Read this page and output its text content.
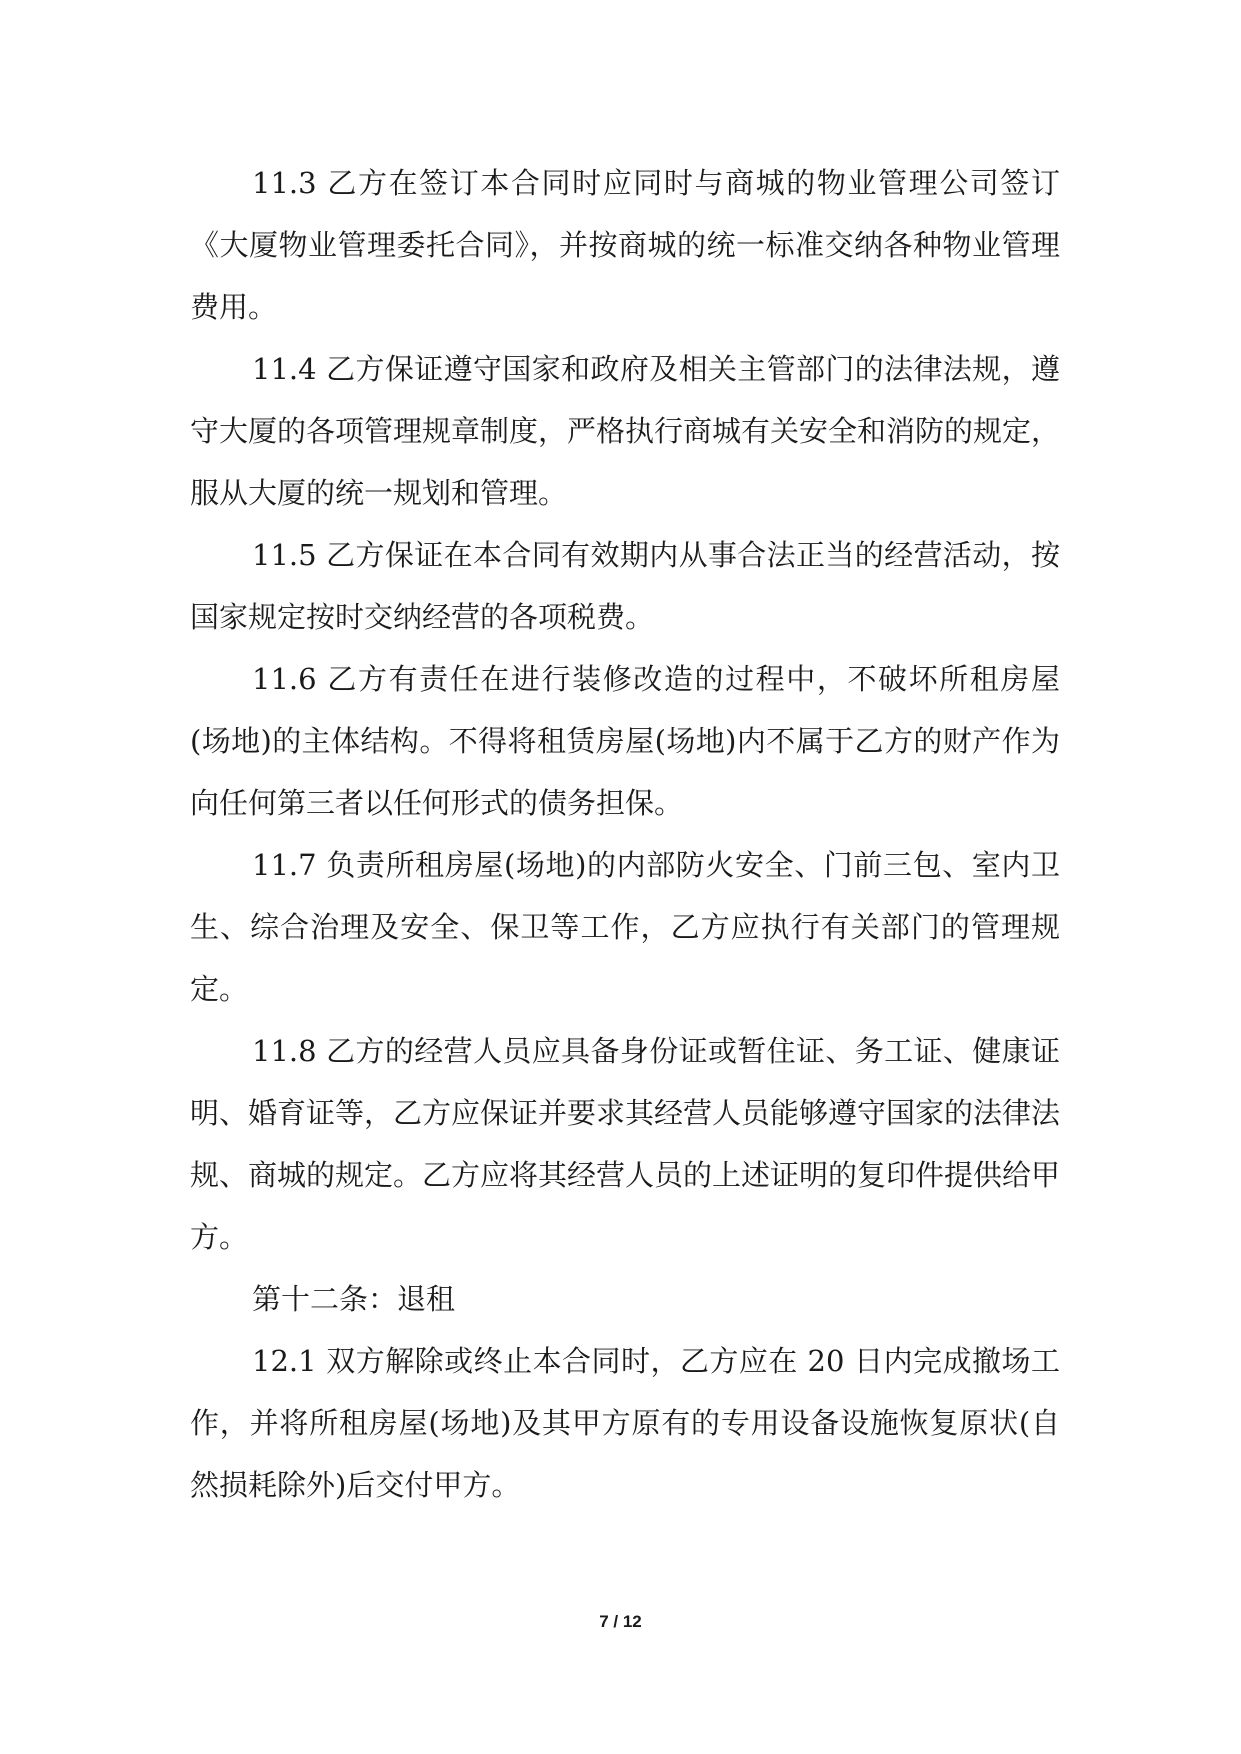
11.3 乙方在签订本合同时应同时与商城的物业管理公司签订《大厦物业管理委托合同》，并按商城的统一标准交纳各种物业管理费用。

11.4 乙方保证遵守国家和政府及相关主管部门的法律法规，遵守大厦的各项管理规章制度，严格执行商城有关安全和消防的规定，服从大厦的统一规划和管理。

11.5 乙方保证在本合同有效期内从事合法正当的经营活动，按国家规定按时交纳经营的各项税费。

11.6 乙方有责任在进行装修改造的过程中，不破坏所租房屋(场地)的主体结构。不得将租赁房屋(场地)内不属于乙方的财产作为向任何第三者以任何形式的债务担保。

11.7 负责所租房屋(场地)的内部防火安全、门前三包、室内卫生、综合治理及安全、保卫等工作，乙方应执行有关部门的管理规定。

11.8 乙方的经营人员应具备身份证或暂住证、务工证、健康证明、婚育证等，乙方应保证并要求其经营人员能够遵守国家的法律法规、商城的规定。乙方应将其经营人员的上述证明的复印件提供给甲方。

第十二条：退租

12.1 双方解除或终止本合同时，乙方应在 20 日内完成撤场工作，并将所租房屋(场地)及其甲方原有的专用设备设施恢复原状(自然损耗除外)后交付甲方。

7 / 12
